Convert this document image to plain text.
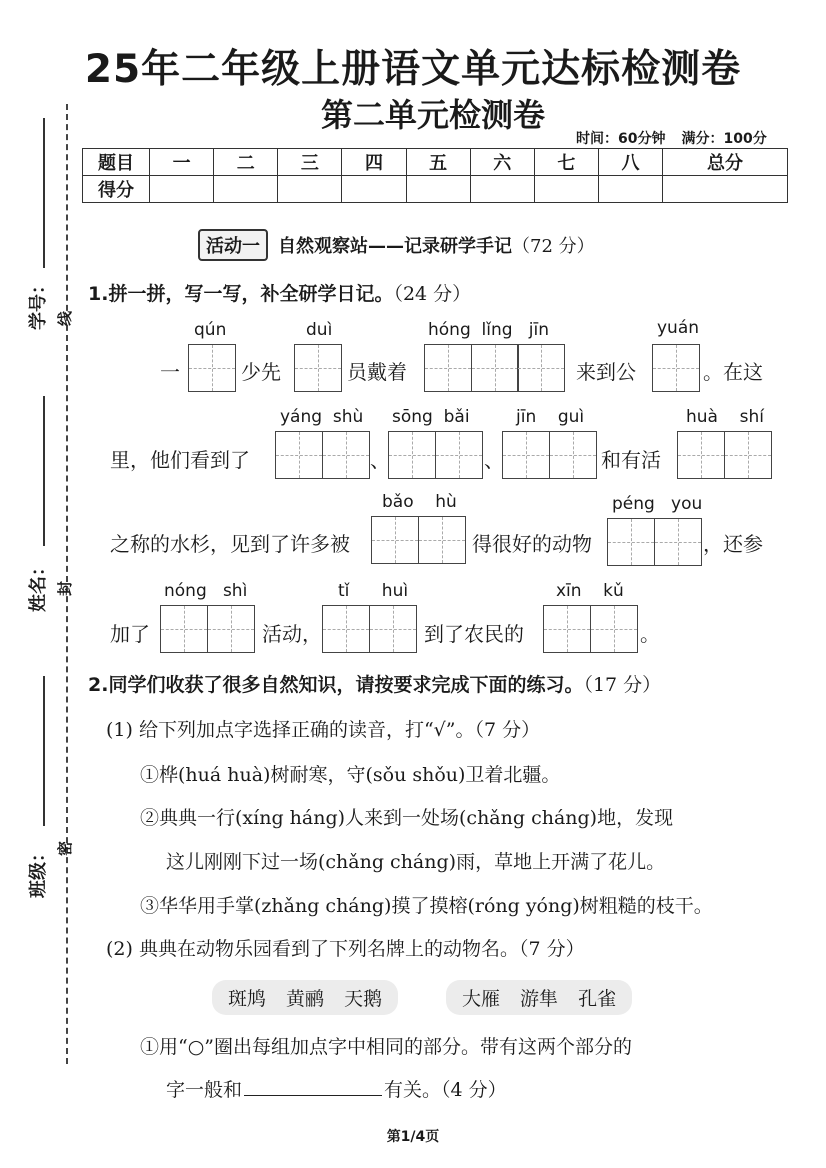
25年二年级上册语文单元达标检测卷
第二单元检测卷
时间：60分钟 满分：100分
题目	一	二	三	四	五	六	七	八	总分
得分									
学号： 线
姓名： 封
班级： 密
活动一 自然观察站——记录研学手记（72 分）
1.拼一拼，写一写，补全研学日记。（24 分）
qún
一	少先
duì
员戴着
hóng  lǐng   jīn
来到公
yuán
。在这
里，他们看到了
yáng  shù
、
sōng  bǎi
、
jīn    guì
和有活
huà    shí
之称的水杉，见到了许多被
bǎo    hù
得很好的动物
péng   you
，还参
加了
nóng   shì
活动，
tǐ      huì
到了农民的
xīn    kǔ
。
2.同学们收获了很多自然知识，请按要求完成下面的练习。（17 分）
(1) 给下列加点字选择正确的读音，打“√”。（7 分）
①桦(huá huà)树耐寒，守(sǒu shǒu)卫着北疆。
②典典一行(xíng háng)人来到一处场(chǎng cháng)地，发现
这儿刚刚下过一场(chǎng cháng)雨，草地上开满了花儿。
③华华用手掌(zhǎng cháng)摸了摸榕(róng yóng)树粗糙的枝干。
(2) 典典在动物乐园看到了下列名牌上的动物名。（7 分）
斑鸠 黄鹂 天鹅	大雁 游隼 孔雀
①用“○”圈出每组加点字中相同的部分。带有这两个部分的
字一般和	有关。（4 分）
第1/4页
